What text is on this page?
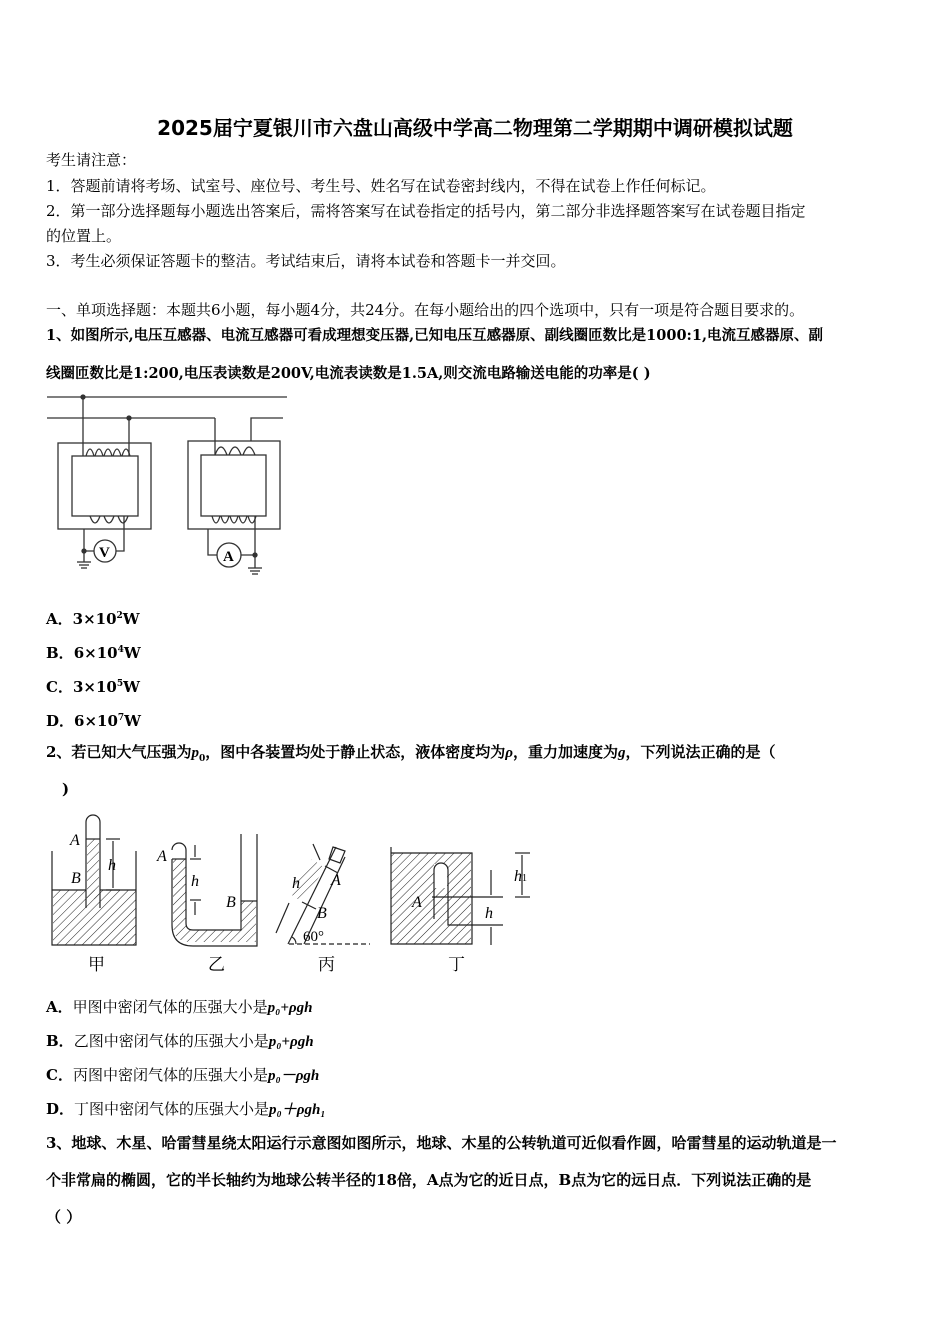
2025届宁夏银川市六盘山高级中学高二物理第二学期期中调研模拟试题
考生请注意：
1．答题前请将考场、试室号、座位号、考生号、姓名写在试卷密封线内，不得在试卷上作任何标记。
2．第一部分选择题每小题选出答案后，需将答案写在试卷指定的括号内，第二部分非选择题答案写在试卷题目指定
的位置上。
3．考生必须保证答题卡的整洁。考试结束后，请将本试卷和答题卡一并交回。
一、单项选择题：本题共6小题，每小题4分，共24分。在每小题给出的四个选项中，只有一项是符合题目要求的。
1、如图所示,电压互感器、电流互感器可看成理想变压器,已知电压互感器原、副线圈匝数比是1000:1,电流互感器原、副
线圈匝数比是1:200,电压表读数是200V,电流表读数是1.5A,则交流电路输送电能的功率是( )
V	A
A．$3\times 10^2W$
B．$6\times 10^4W$
C．$3\times 10^5W$
D．$6\times 10^7W$
2、若已知大气压强为$p_0$，图中各装置均处于静止状态，液体密度均为ρ，重力加速度为g，下列说法正确的是（
)
A
B
h
甲
A
h
B
乙
h A
B
60°
丙
A
h
h1
丁
A．甲图中密闭气体的压强大小是p₀+ρgh
B．乙图中密闭气体的压强大小是p₀+ρgh
C．丙图中密闭气体的压强大小是p₀－ρgh
D．丁图中密闭气体的压强大小是p₀＋ρgh₁
3、地球、木星、哈雷彗星绕太阳运行示意图如图所示，地球、木星的公转轨道可近似看作圆，哈雷彗星的运动轨道是一
个非常扁的椭圆，它的半长轴约为地球公转半径的18倍，A点为它的近日点，B点为它的远日点．下列说法正确的是
（ ）
